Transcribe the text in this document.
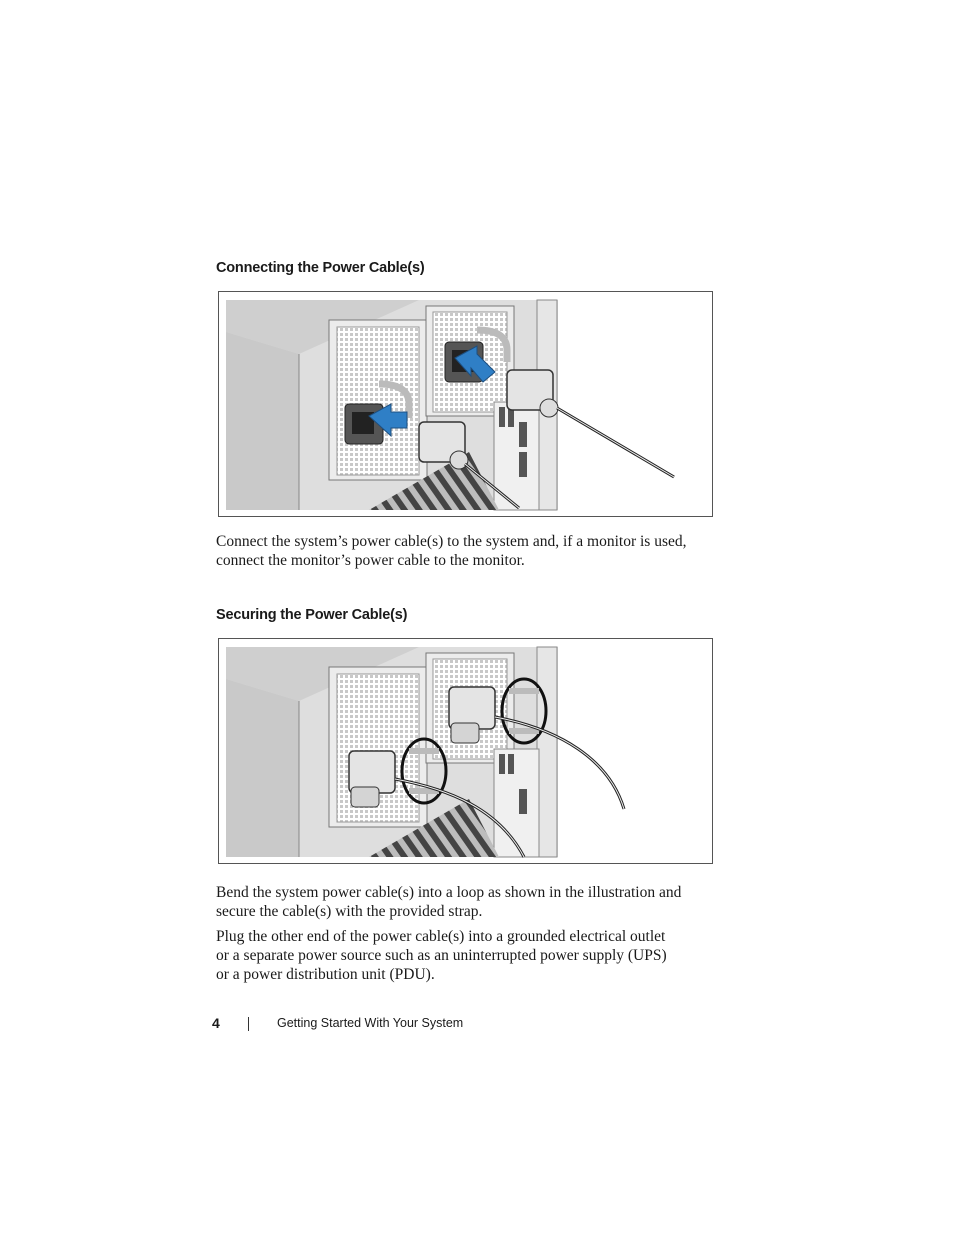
Connecting the Power Cable(s)

Connect the system’s power cable(s) to the system and, if a monitor is used,
connect the monitor’s power cable to the monitor.

Securing the Power Cable(s)

Bend the system power cable(s) into a loop as shown in the illustration and
secure the cable(s) with the provided strap.

Plug the other end of the power cable(s) into a grounded electrical outlet
or a separate power source such as an uninterrupted power supply (UPS)
or a power distribution unit (PDU).

4	Getting Started With Your System
